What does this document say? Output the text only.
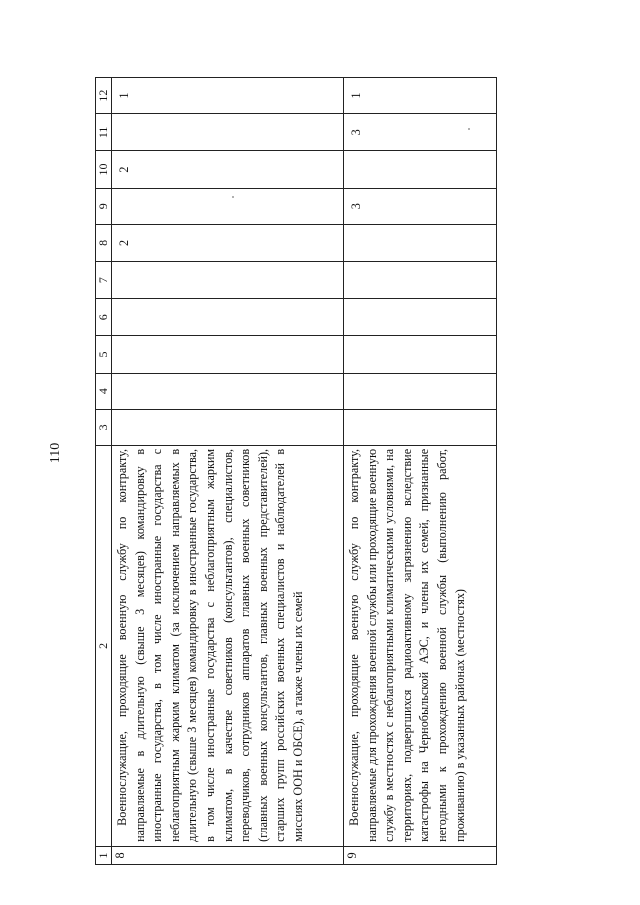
110
1	2	3	4	5	6	7	8	9	10	11	12
8	Военнослужащие, проходящие военную службу по контракту, направляемые в длительную (свыше 3 месяцев) командировку в иностранные государства, в том числе иностранные государства с неблагоприятным жарким климатом (за исключением направляемых в длительную (свыше 3 месяцев) командировку в иностранные государства, в том числе иностранные государства с неблагоприятным жарким климатом, в качестве советников (консультантов), специалистов, переводчиков, сотрудников аппаратов главных военных советников (главных военных консультантов, главных военных представителей), старших групп российских военных специалистов и наблюдателей в миссиях ООН и ОБСЕ), а также члены их семей						2		2		1
9	Военнослужащие, проходящие военную службу по контракту, направляемые для прохождения военной службы или проходящие военную службу в местностях с неблагоприятными климатическими условиями, на территориях, подвергшихся радиоактивному загрязнению вследствие катастрофы на Чернобыльской АЭС, и члены их семей, признанные негодными к прохождению военной службы (выполнению работ, проживанию) в указанных районах (местностях)							3		3	1
